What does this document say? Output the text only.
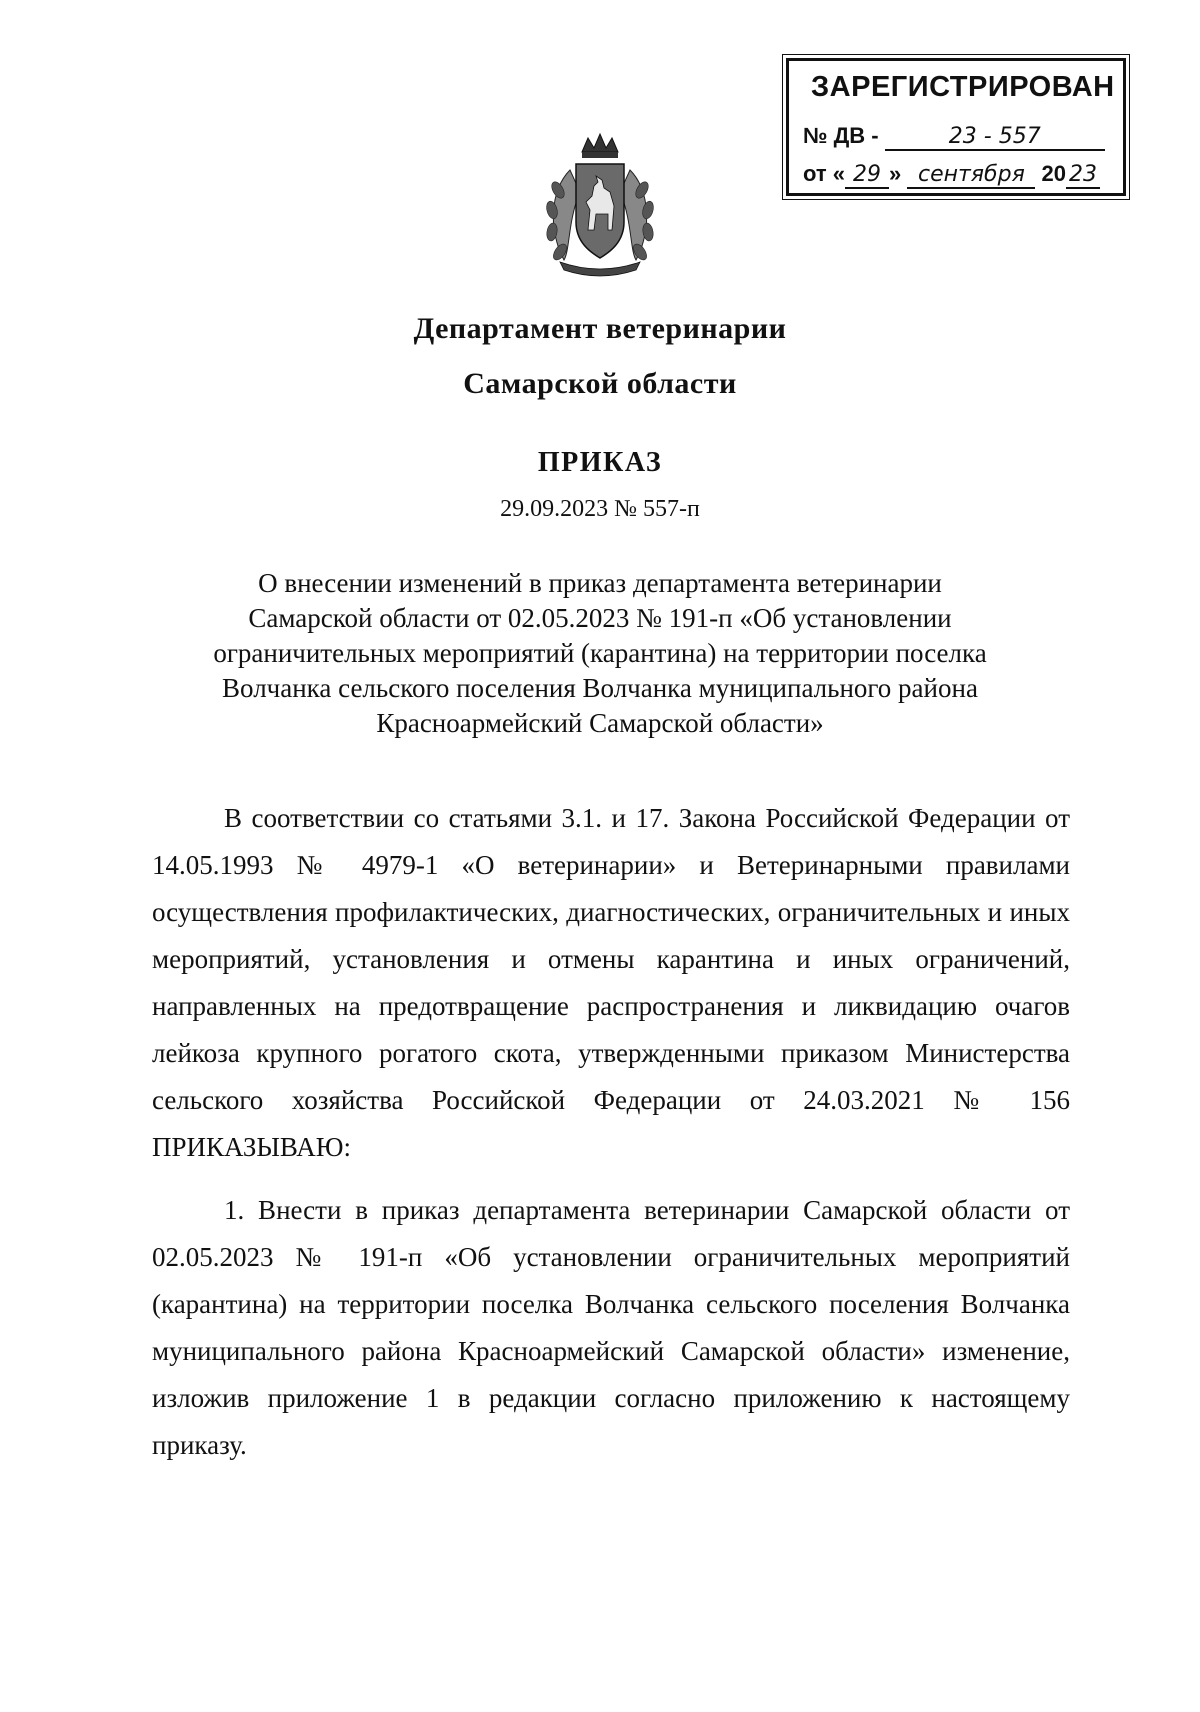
ЗАРЕГИСТРИРОВАН
№ ДВ -	23 - 557
от « 29 » сентября 20 23
Департамент ветеринарии
Самарской области
ПРИКАЗ
29.09.2023 № 557-п
О внесении изменений в приказ департамента ветеринарии
Самарской области от 02.05.2023 № 191-п «Об установлении
ограничительных мероприятий (карантина) на территории поселка
Волчанка сельского поселения Волчанка муниципального района
Красноармейский Самарской области»

В соответствии со статьями 3.1. и 17. Закона Российской Федерации от 14.05.1993 № 4979-1 «О ветеринарии» и Ветеринарными правилами осуществления профилактических, диагностических, ограничительных и иных мероприятий, установления и отмены карантина и иных ограничений, направленных на предотвращение распространения и ликвидацию очагов лейкоза крупного рогатого скота, утвержденными приказом Министерства сельского хозяйства Российской Федерации от 24.03.2021 № 156 ПРИКАЗЫВАЮ:

1. Внести в приказ департамента ветеринарии Самарской области от 02.05.2023 № 191-п «Об установлении ограничительных мероприятий (карантина) на территории поселка Волчанка сельского поселения Волчанка муниципального района Красноармейский Самарской области» изменение, изложив приложение 1 в редакции согласно приложению к настоящему приказу.
